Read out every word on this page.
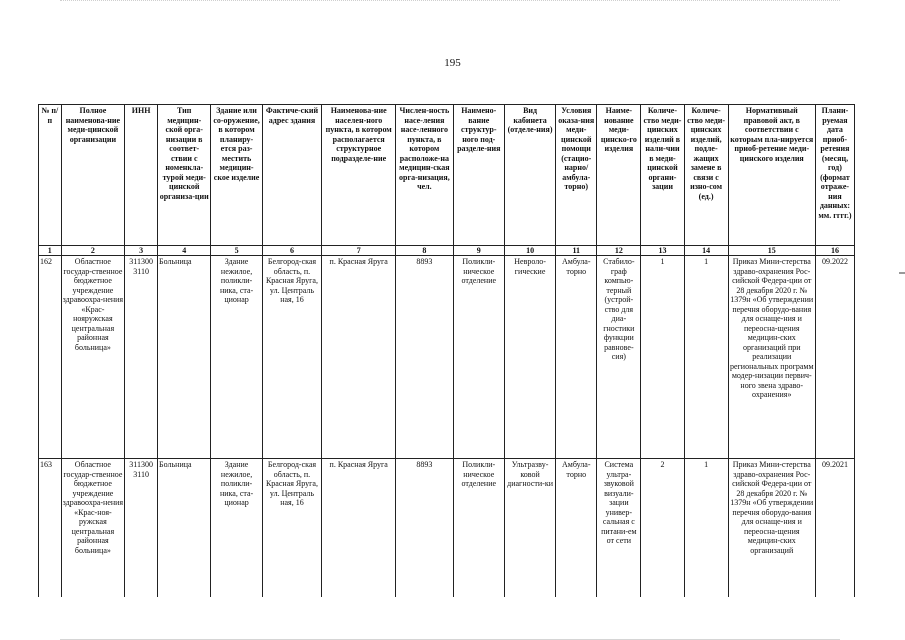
195
№ п/п	Полное наименова-ние меди-цинской организации	ИНН	Тип медицин-ской орга-низации в соответ-ствии с номенкла-турой меди-цинской организа-ции	Здание или со-оружение, в котором планиру-ется раз-местить медицин-ское изделие	Фактиче-ский адрес здания	Наименова-ние населен-ного пункта, в котором располагается структурное подразделе-ние	Числен-ность насе-ления насе-ленного пункта, в котором расположе-на медицин-ская орга-низация, чел.	Наимено-вание структур-ного под-разделе-ния	Вид кабинета (отделе-ния)	Условия оказа-ния меди-цинской помощи (стацио-нарно/ амбула-торно)	Наиме-нование меди-цинско-го изделия	Количе-ство меди-цинских изделий в нали-чии в меди-цинской органи-зации	Количе-ство меди-цинских изделий, подле-жащих замене в связи с изно-сом (ед.)	Нормативный правовой акт, в соответствии с которым пла-нируется приоб-ретение меди-цинского изделия	Плани-руемая дата приоб-ретения (месяц, год) (формат отраже-ния данных: мм. гггг.)
1	2	3	4	5	6	7	8	9	10	11	12	13	14	15	16
162	Областное государ-ственное бюджетное учреждение здравоохра-нения «Крас-нояружская центральная районная больница»	311300 3110	Больница	Здание нежилое, поликли-ника, ста-ционар	Белгород-ская область, п. Красная Яруга, ул. Централь ная, 16	п. Красная Яруга	8893	Поликли-ническое отделение	Невроло-гические	Амбула-торно	Стабило-граф компью-терный (устрой-ство для диа-гностики функции равнове-сия)	1	1	Приказ Мини-стерства здраво-охранения Рос-сийской Федера-ции от 28 декабря 2020 г. № 1379н «Об утверждении перечня оборудо-вания для оснаще-ния и переосна-щения медицин-ских организаций при реализации региональных программ модер-низации первич-ного звена здраво-охранения»	09.2022
163	Областное государ-ственное бюджетное учреждение здравоохра-нения «Крас-нояружская центральная районная больница»	311300 3110	Больница	Здание нежилое, поликли-ника, ста-ционар	Белгород-ская область, п. Красная Яруга, ул. Централь ная, 16	п. Красная Яруга	8893	Поликли-ническое отделение	Ультразву-ковой диагности-ки	Амбула-торно	Система ультра-звуковой визуали-зации универ-сальная с питани-ем от сети	2	1	Приказ Мини-стерства здраво-охранения Рос-сийской Федера-ции от 28 декабря 2020 г. № 1379н «Об утверждении перечня оборудо-вания для оснаще-ния и переосна-щения медицин-ских организаций	09.2021
